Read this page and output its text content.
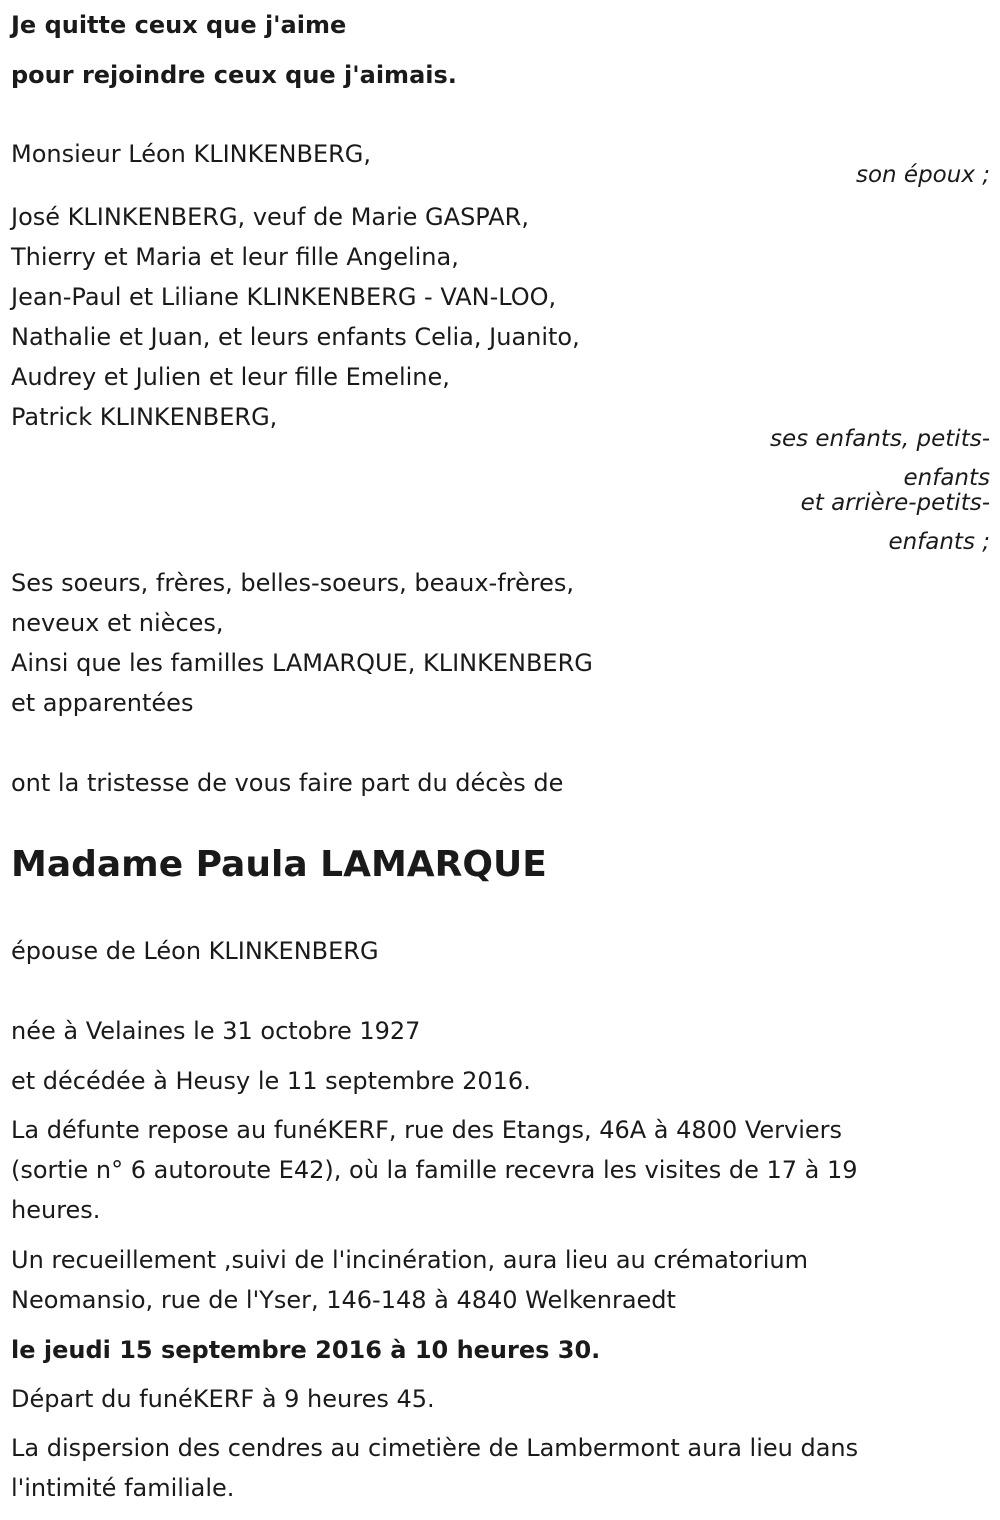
Je quitte ceux que j'aime

pour rejoindre ceux que j'aimais.

Monsieur Léon KLINKENBERG,

son époux ;

José KLINKENBERG, veuf de Marie GASPAR,

Thierry et Maria et leur fille Angelina,

Jean-Paul et Liliane KLINKENBERG - VAN-LOO,

Nathalie et Juan, et leurs enfants Celia, Juanito,

Audrey et Julien et leur fille Emeline,

Patrick KLINKENBERG,

ses enfants, petits-

enfants

et arrière-petits-

enfants ;

Ses soeurs, frères, belles-soeurs, beaux-frères,

neveux et nièces,

Ainsi que les familles LAMARQUE, KLINKENBERG

et apparentées

ont la tristesse de vous faire part du décès de

Madame Paula LAMARQUE

épouse de Léon KLINKENBERG

née à Velaines le 31 octobre 1927

et décédée à Heusy le 11 septembre 2016.

La défunte repose au funéKERF, rue des Etangs, 46A à 4800 Verviers

(sortie n° 6 autoroute E42), où la famille recevra les visites de 17 à 19

heures.

Un recueillement ,suivi de l'incinération, aura lieu au crématorium

Neomansio, rue de l'Yser, 146-148 à 4840 Welkenraedt

le jeudi 15 septembre 2016 à 10 heures 30.

Départ du funéKERF à 9 heures 45.

La dispersion des cendres au cimetière de Lambermont aura lieu dans

l'intimité familiale.
